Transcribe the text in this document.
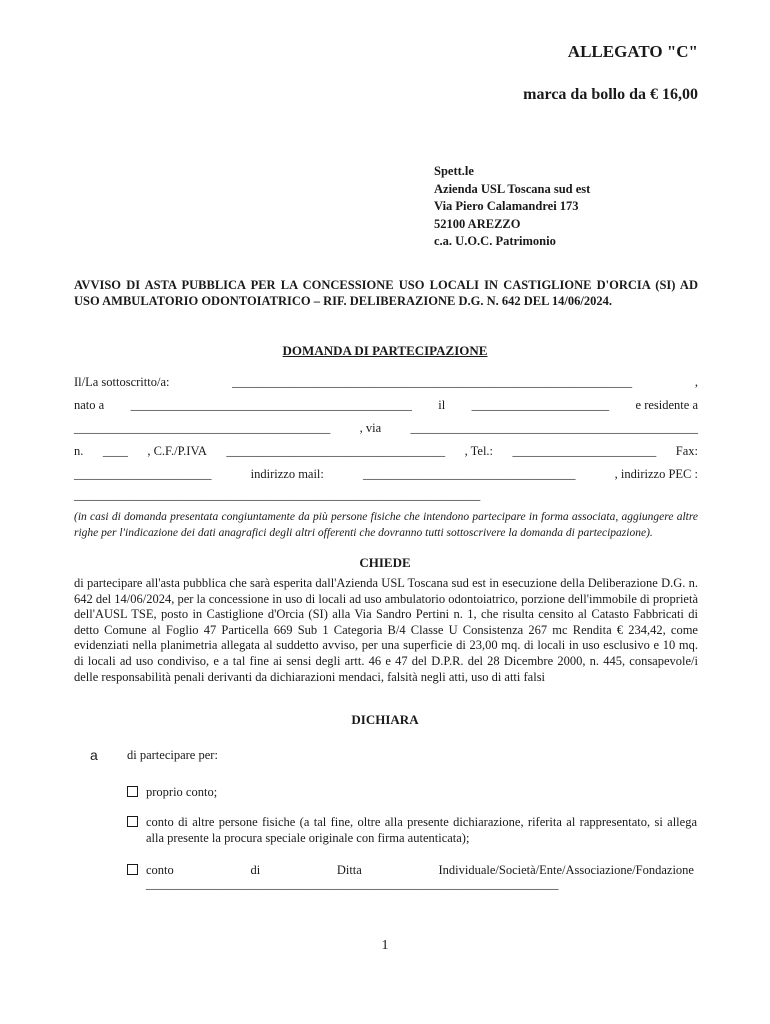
ALLEGATO "C"
marca da bollo da € 16,00
Spett.le
Azienda USL Toscana sud est
Via Piero Calamandrei 173
52100 AREZZO
c.a. U.O.C. Patrimonio
AVVISO DI ASTA PUBBLICA PER LA CONCESSIONE USO LOCALI IN CASTIGLIONE D'ORCIA (SI) AD USO AMBULATORIO ODONTOIATRICO – RIF. DELIBERAZIONE D.G. N. 642 DEL 14/06/2024.
DOMANDA DI PARTECIPAZIONE
Il/La sottoscritto/a:	________________________________________________________________	,
nato a _____________________________________________ il ______________________ e residente a
_________________________________________ , via ______________________________________________
n. ____ , C.F./P.IVA ___________________________________ , Tel.: _______________________ Fax:
______________________	indirizzo mail:	__________________________________	, indirizzo PEC :
_________________________________________________________________
(in casi di domanda presentata congiuntamente da più persone fisiche che intendono partecipare in forma associata, aggiungere altre righe per l'indicazione dei dati anagrafici degli altri offerenti che dovranno tutti sottoscrivere la domanda di partecipazione).
CHIEDE
di partecipare all'asta pubblica che sarà esperita dall'Azienda USL Toscana sud est in esecuzione della Deliberazione D.G. n. 642 del 14/06/2024, per la concessione in uso di locali ad uso ambulatorio odontoiatrico, porzione dell'immobile di proprietà dell'AUSL TSE, posto in Castiglione d'Orcia (SI) alla Via Sandro Pertini n. 1, che risulta censito al Catasto Fabbricati di detto Comune al Foglio 47 Particella 669 Sub 1 Categoria B/4 Classe U Consistenza 267 mc Rendita € 234,42, come evidenziati nella planimetria allegata al suddetto avviso, per una superficie di 23,00 mq. di locali in uso esclusivo e 10 mq. di locali ad uso condiviso, e a tal fine ai sensi degli artt. 46 e 47 del D.P.R. del 28 Dicembre 2000, n. 445, consapevole/i delle responsabilità penali derivanti da dichiarazioni mendaci, falsità negli atti, uso di atti falsi
DICHIARA
a di partecipare per:
proprio conto;
conto di altre persone fisiche (a tal fine, oltre alla presente dichiarazione, riferita al rappresentato, si allega alla presente la procura speciale originale con firma autenticata);
conto	di	Ditta	Individuale/Società/Ente/Associazione/Fondazione
__________________________________________________________________
1
